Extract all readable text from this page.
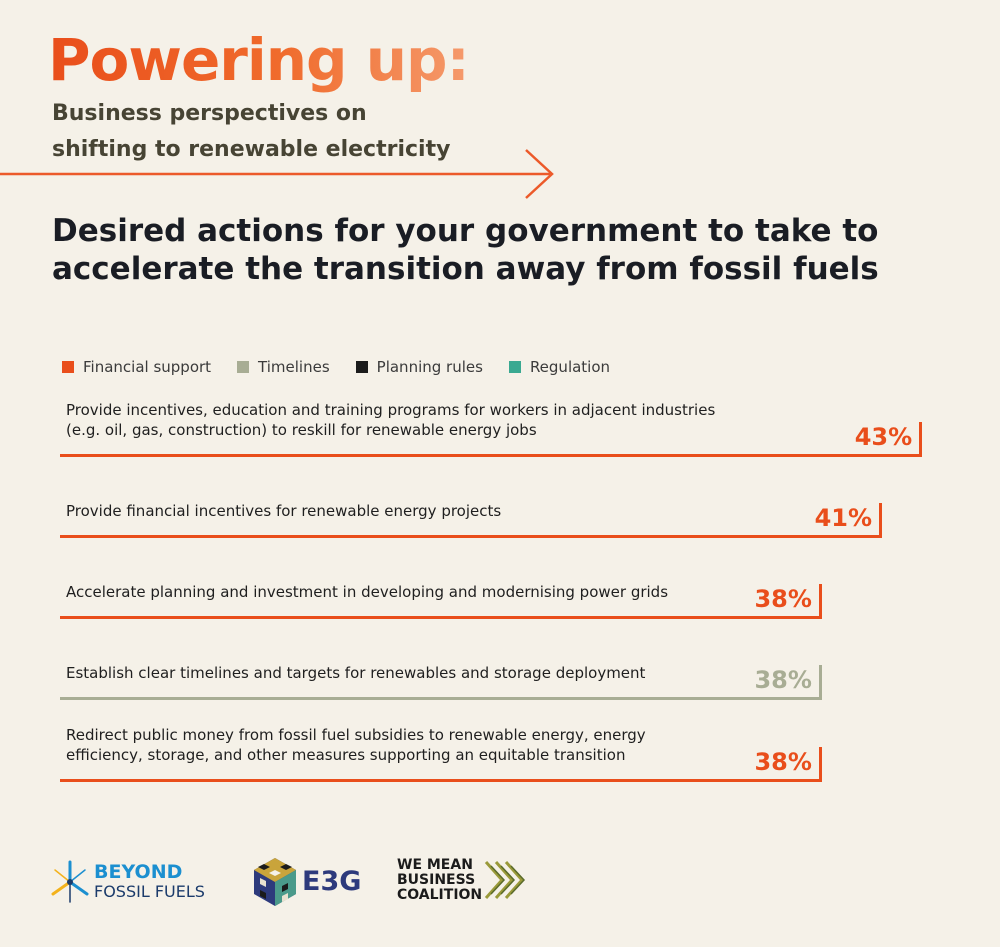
Powering up:
Business perspectives on
shifting to renewable electricity
Desired actions for your government to take to accelerate the transition away from fossil fuels
Financial support	Timelines	Planning rules	Regulation
Provide incentives, education and training programs for workers in adjacent industries
(e.g. oil, gas, construction) to reskill for renewable energy jobs	43%
Provide financial incentives for renewable energy projects	41%
Accelerate planning and investment in developing and modernising power grids	38%
Establish clear timelines and targets for renewables and storage deployment	38%
Redirect public money from fossil fuel subsidies to renewable energy, energy
efficiency, storage, and other measures supporting an equitable transition	38%
BEYOND
FOSSIL FUELS	E3G
WE MEAN
BUSINESS
COALITION
